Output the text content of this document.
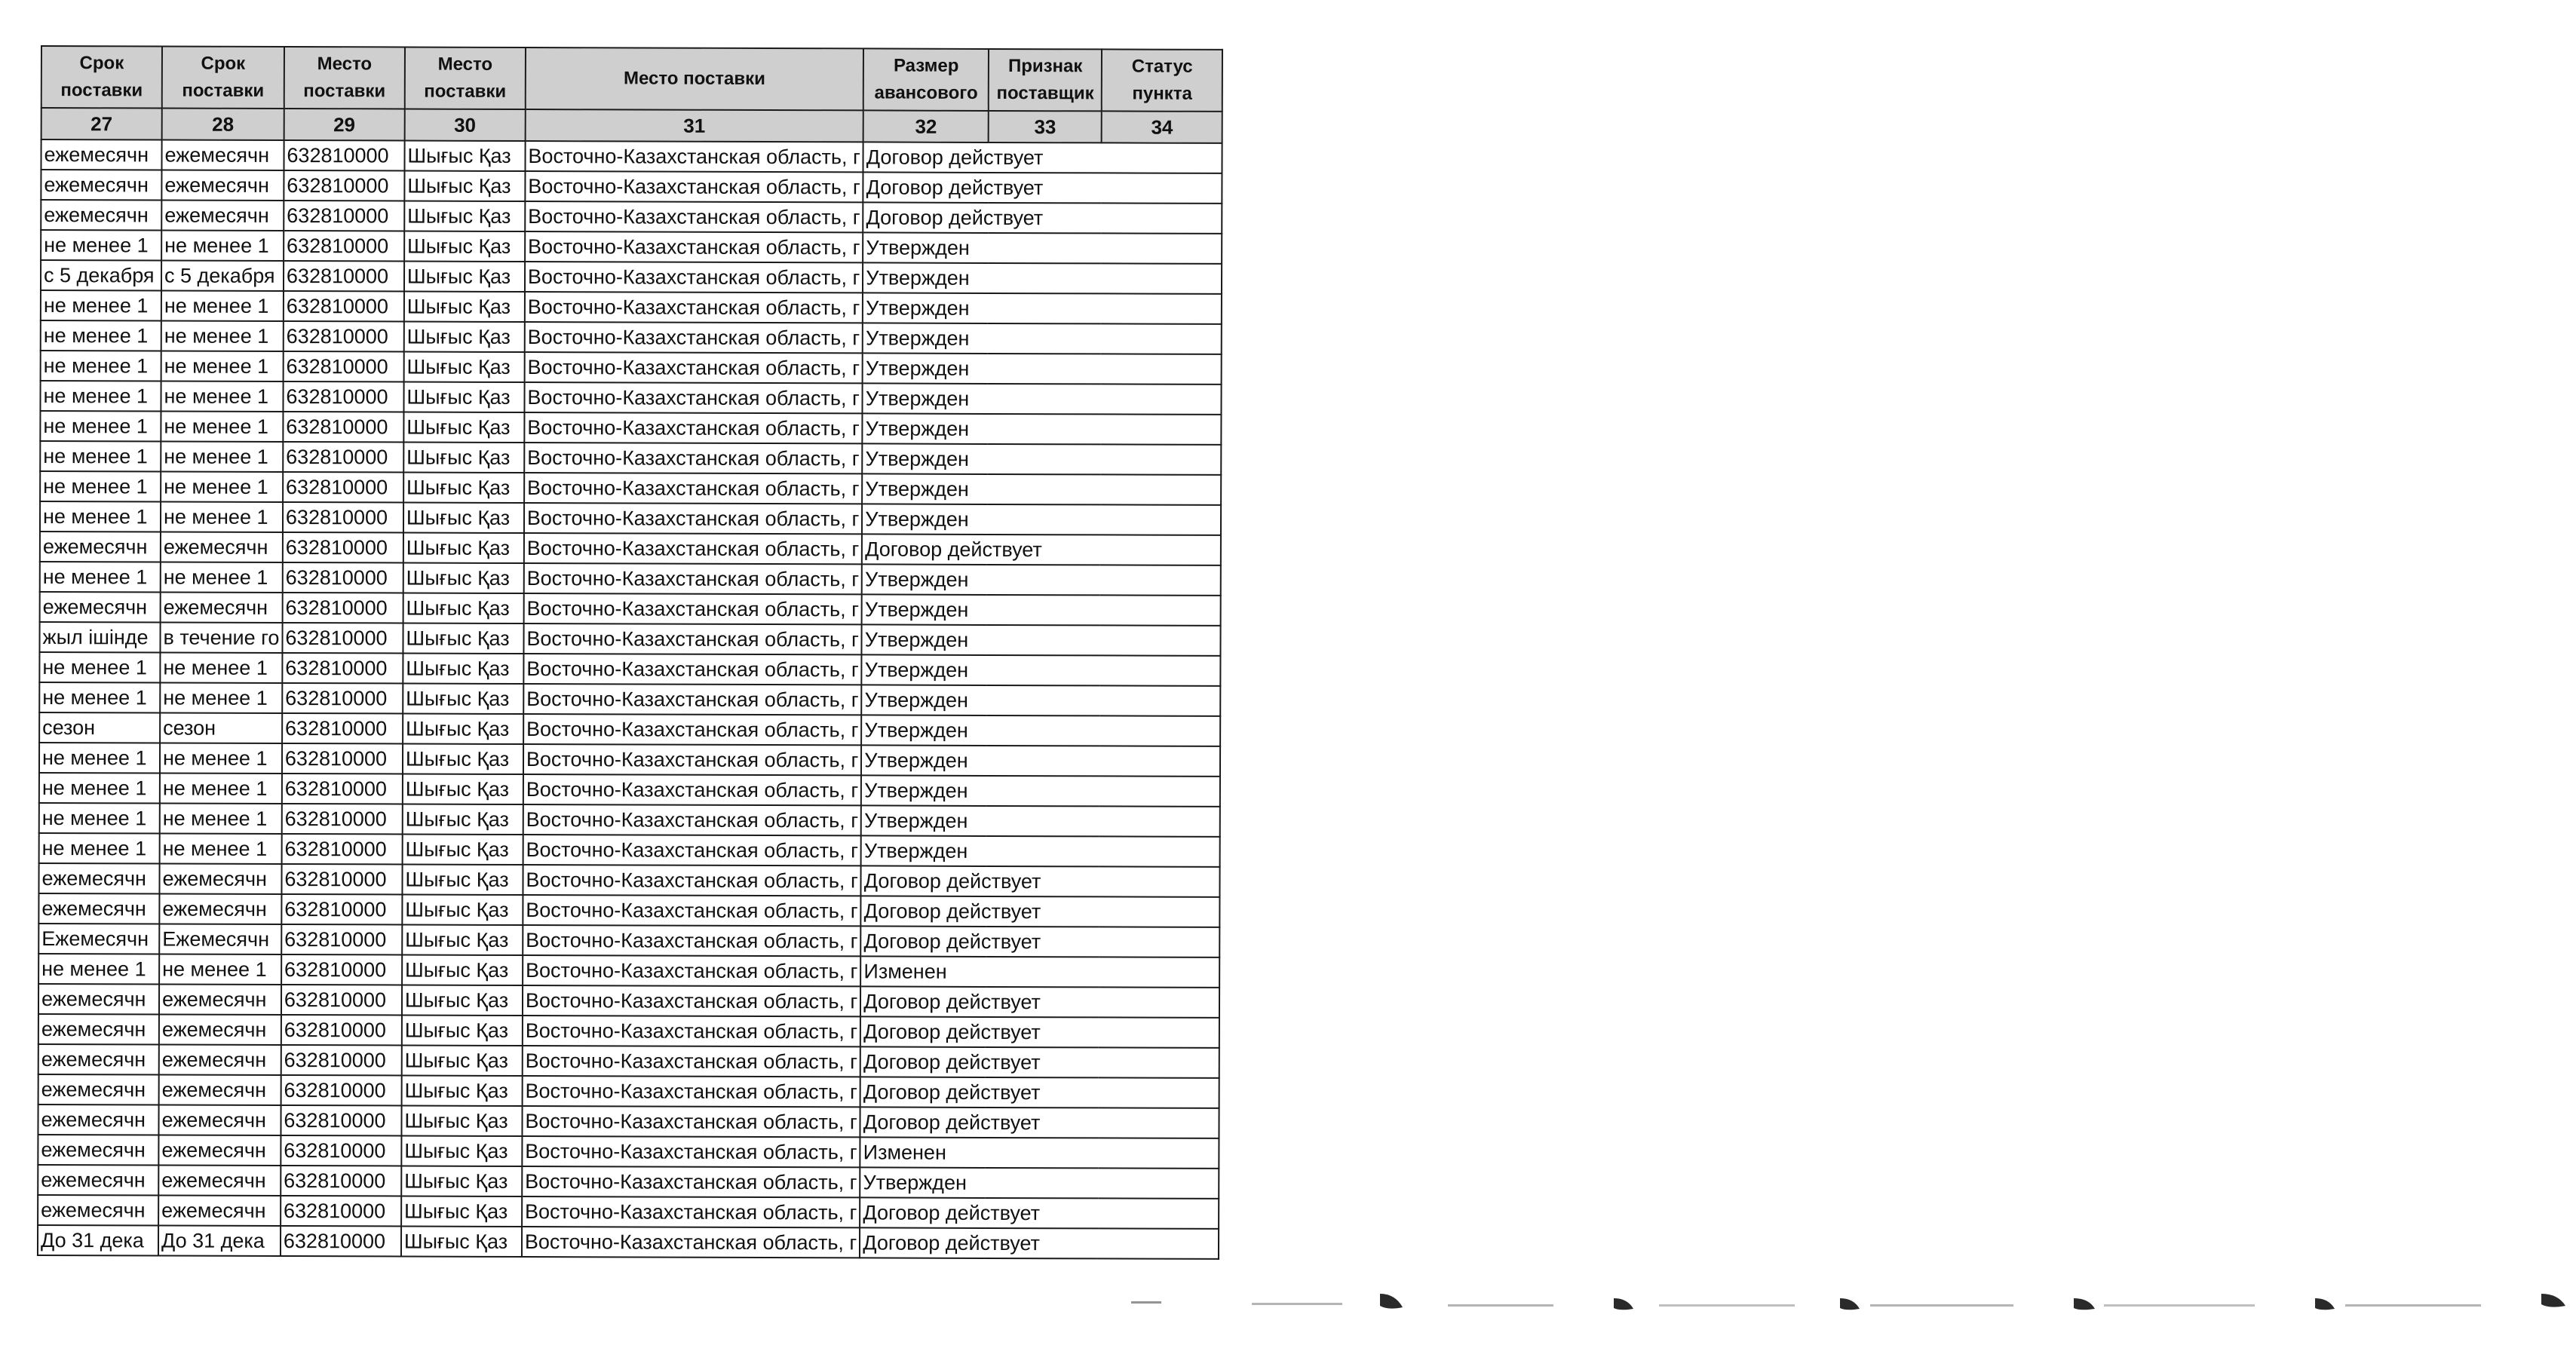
Срок поставки	Срок поставки	Место поставки	Место поставки	Место поставки	Размер авансового	Признак поставщик	Статус пункта
27	28	29	30	31	32	33	34
ежемесячн	ежемесячн	632810000	Шығыс Қаз	Восточно-Казахстанская область, г	Договор действует		
ежемесячн	ежемесячн	632810000	Шығыс Қаз	Восточно-Казахстанская область, г	Договор действует		
ежемесячн	ежемесячн	632810000	Шығыс Қаз	Восточно-Казахстанская область, г	Договор действует		
не менее 1	не менее 1	632810000	Шығыс Қаз	Восточно-Казахстанская область, г	Утвержден		
с 5 декабря	с 5 декабря	632810000	Шығыс Қаз	Восточно-Казахстанская область, г	Утвержден		
не менее 1	не менее 1	632810000	Шығыс Қаз	Восточно-Казахстанская область, г	Утвержден		
не менее 1	не менее 1	632810000	Шығыс Қаз	Восточно-Казахстанская область, г	Утвержден		
не менее 1	не менее 1	632810000	Шығыс Қаз	Восточно-Казахстанская область, г	Утвержден		
не менее 1	не менее 1	632810000	Шығыс Қаз	Восточно-Казахстанская область, г	Утвержден		
не менее 1	не менее 1	632810000	Шығыс Қаз	Восточно-Казахстанская область, г	Утвержден		
не менее 1	не менее 1	632810000	Шығыс Қаз	Восточно-Казахстанская область, г	Утвержден		
не менее 1	не менее 1	632810000	Шығыс Қаз	Восточно-Казахстанская область, г	Утвержден		
не менее 1	не менее 1	632810000	Шығыс Қаз	Восточно-Казахстанская область, г	Утвержден		
ежемесячн	ежемесячн	632810000	Шығыс Қаз	Восточно-Казахстанская область, г	Договор действует		
не менее 1	не менее 1	632810000	Шығыс Қаз	Восточно-Казахстанская область, г	Утвержден		
ежемесячн	ежемесячн	632810000	Шығыс Қаз	Восточно-Казахстанская область, г	Утвержден		
жыл ішінде	в течение го	632810000	Шығыс Қаз	Восточно-Казахстанская область, г	Утвержден		
не менее 1	не менее 1	632810000	Шығыс Қаз	Восточно-Казахстанская область, г	Утвержден		
не менее 1	не менее 1	632810000	Шығыс Қаз	Восточно-Казахстанская область, г	Утвержден		
сезон	сезон	632810000	Шығыс Қаз	Восточно-Казахстанская область, г	Утвержден		
не менее 1	не менее 1	632810000	Шығыс Қаз	Восточно-Казахстанская область, г	Утвержден		
не менее 1	не менее 1	632810000	Шығыс Қаз	Восточно-Казахстанская область, г	Утвержден		
не менее 1	не менее 1	632810000	Шығыс Қаз	Восточно-Казахстанская область, г	Утвержден		
не менее 1	не менее 1	632810000	Шығыс Қаз	Восточно-Казахстанская область, г	Утвержден		
ежемесячн	ежемесячн	632810000	Шығыс Қаз	Восточно-Казахстанская область, г	Договор действует		
ежемесячн	ежемесячн	632810000	Шығыс Қаз	Восточно-Казахстанская область, г	Договор действует		
Ежемесячн	Ежемесячн	632810000	Шығыс Қаз	Восточно-Казахстанская область, г	Договор действует		
не менее 1	не менее 1	632810000	Шығыс Қаз	Восточно-Казахстанская область, г	Изменен		
ежемесячн	ежемесячн	632810000	Шығыс Қаз	Восточно-Казахстанская область, г	Договор действует		
ежемесячн	ежемесячн	632810000	Шығыс Қаз	Восточно-Казахстанская область, г	Договор действует		
ежемесячн	ежемесячн	632810000	Шығыс Қаз	Восточно-Казахстанская область, г	Договор действует		
ежемесячн	ежемесячн	632810000	Шығыс Қаз	Восточно-Казахстанская область, г	Договор действует		
ежемесячн	ежемесячн	632810000	Шығыс Қаз	Восточно-Казахстанская область, г	Договор действует		
ежемесячн	ежемесячн	632810000	Шығыс Қаз	Восточно-Казахстанская область, г	Изменен		
ежемесячн	ежемесячн	632810000	Шығыс Қаз	Восточно-Казахстанская область, г	Утвержден		
ежемесячн	ежемесячн	632810000	Шығыс Қаз	Восточно-Казахстанская область, г	Договор действует		
До 31 дека	До 31 дека	632810000	Шығыс Қаз	Восточно-Казахстанская область, г	Договор действует		
